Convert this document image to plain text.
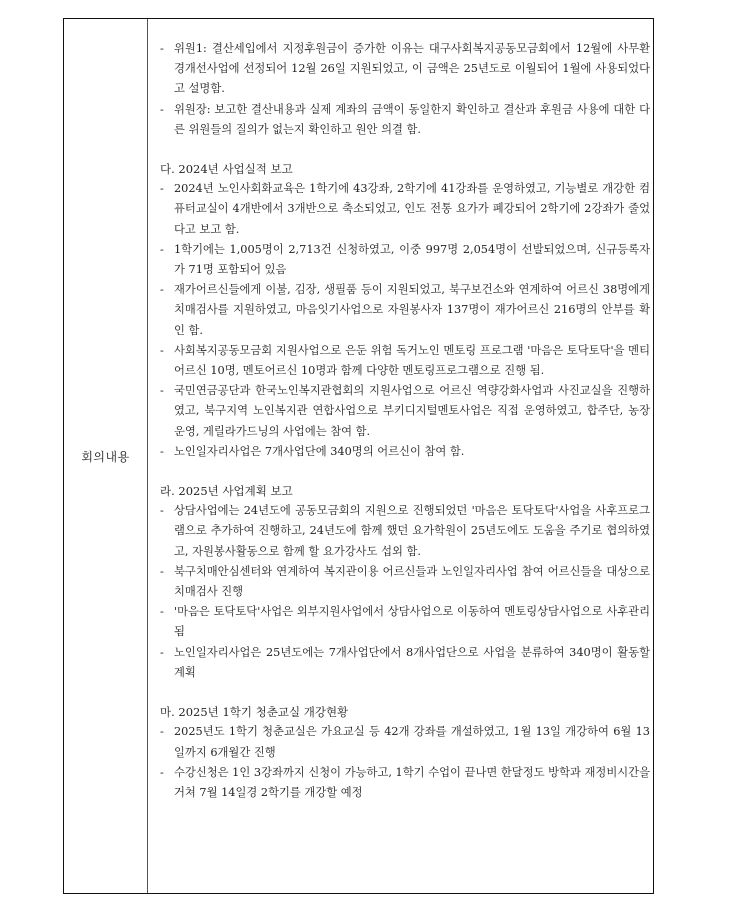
회의내용

- 위원1: 결산세입에서 지정후원금이 증가한 이유는 대구사회복지공동모금회에서 12월에 사무환경개선사업에 선정되어 12월 26일 지원되었고, 이 금액은 25년도로 이월되어 1월에 사용되었다고 설명함.

- 위원장: 보고한 결산내용과 실제 계좌의 금액이 동일한지 확인하고 결산과 후원금 사용에 대한 다른 위원들의 질의가 없는지 확인하고 원안 의결 함.

다. 2024년 사업실적 보고

- 2024년 노인사회화교육은 1학기에 43강좌, 2학기에 41강좌를 운영하였고, 기능별로 개강한 컴퓨터교실이 4개반에서 3개반으로 축소되었고, 인도 전통 요가가 폐강되어 2학기에 2강좌가 줄었다고 보고 함.

- 1학기에는 1,005명이 2,713건 신청하였고, 이중 997명 2,054명이 선발되었으며, 신규등록자가 71명 포함되어 있음

- 재가어르신들에게 이불, 김장, 생필품 등이 지원되었고, 북구보건소와 연계하여 어르신 38명에게 치매검사를 지원하였고, 마음잇기사업으로 자원봉사자 137명이 재가어르신 216명의 안부를 확인 함.

- 사회복지공동모금회 지원사업으로 은둔 위험 독거노인 멘토링 프로그램 '마음은 토닥토닥'을 멘티어르신 10명, 멘토어르신 10명과 함께 다양한 멘토링프로그램으로 진행 됨.

- 국민연금공단과 한국노인복지관협회의 지원사업으로 어르신 역량강화사업과 사진교실을 진행하였고, 북구지역 노인복지관 연합사업으로 부키디지털멘토사업은 직접 운영하였고, 합주단, 농장운영, 게릴라가드닝의 사업에는 참여 함.

- 노인일자리사업은 7개사업단에 340명의 어르신이 참여 함.

라. 2025년 사업계획 보고

- 상담사업에는 24년도에 공동모금회의 지원으로 진행되었던 '마음은 토닥토닥'사업을 사후프로그램으로 추가하여 진행하고, 24년도에 함께 했던 요가학원이 25년도에도 도움을 주기로 협의하였고, 자원봉사활동으로 함께 할 요가강사도 섭외 함.

- 북구치매안심센터와 연계하여 복지관이용 어르신들과 노인일자리사업 참여 어르신들을 대상으로 치매검사 진행

- '마음은 토닥토닥'사업은 외부지원사업에서 상담사업으로 이동하여 멘토링상담사업으로 사후관리 됨

- 노인일자리사업은 25년도에는 7개사업단에서 8개사업단으로 사업을 분류하여 340명이 활동할 계획

마. 2025년 1학기 청춘교실 개강현황

- 2025년도 1학기 청춘교실은 가요교실 등 42개 강좌를 개설하였고, 1월 13일 개강하여 6월 13일까지 6개월간 진행

- 수강신청은 1인 3강좌까지 신청이 가능하고, 1학기 수업이 끝나면 한달정도 방학과 재정비시간을 거쳐 7월 14일경 2학기를 개강할 예정
